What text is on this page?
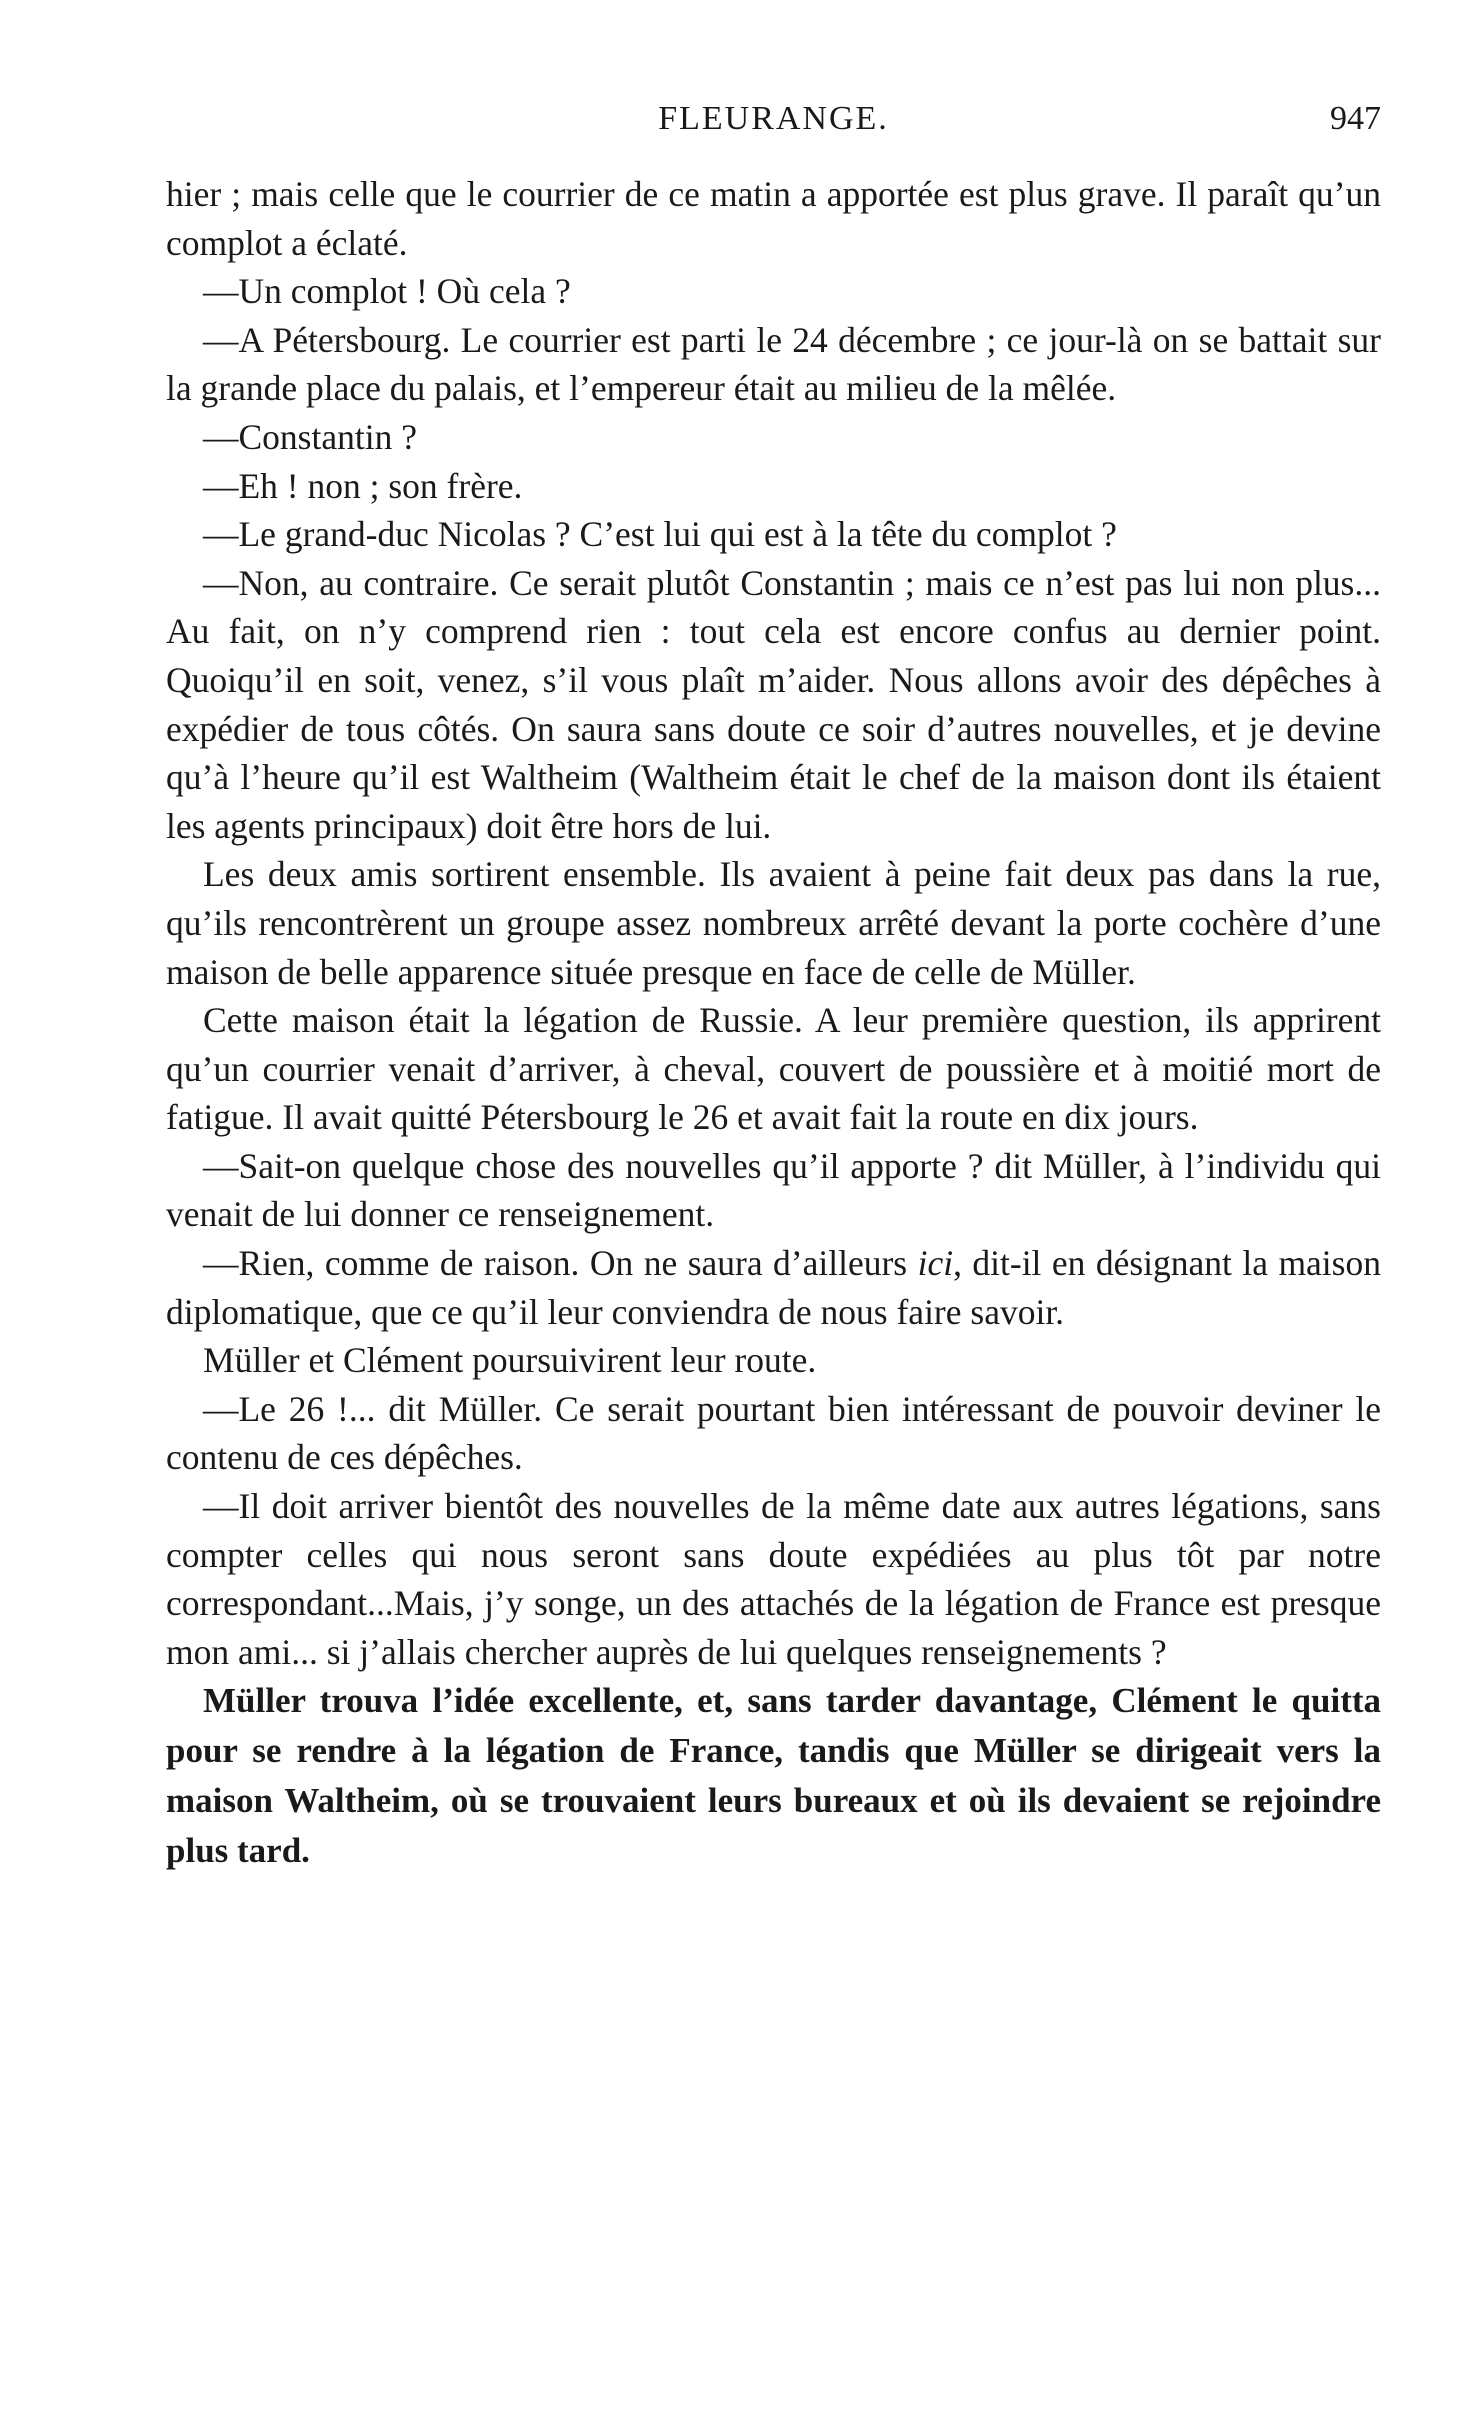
FLEURANGE.	947

hier ; mais celle que le courrier de ce matin a apportée est plus grave. Il paraît qu’un complot a éclaté.

—Un complot ! Où cela ?

—A Pétersbourg. Le courrier est parti le 24 décembre ; ce jour-là on se battait sur la grande place du palais, et l’empereur était au milieu de la mêlée.

—Constantin ?

—Eh ! non ; son frère.

—Le grand-duc Nicolas ? C’est lui qui est à la tête du complot ?

—Non, au contraire. Ce serait plutôt Constantin ; mais ce n’est pas lui non plus... Au fait, on n’y comprend rien : tout cela est encore confus au dernier point. Quoiqu’il en soit, venez, s’il vous plaît m’aider. Nous allons avoir des dépêches à expédier de tous côtés. On saura sans doute ce soir d’autres nouvelles, et je devine qu’à l’heure qu’il est Waltheim (Waltheim était le chef de la maison dont ils étaient les agents principaux) doit être hors de lui.

Les deux amis sortirent ensemble. Ils avaient à peine fait deux pas dans la rue, qu’ils rencontrèrent un groupe assez nombreux arrêté devant la porte cochère d’une maison de belle apparence située presque en face de celle de Müller.

Cette maison était la légation de Russie. A leur première question, ils apprirent qu’un courrier venait d’arriver, à cheval, couvert de poussière et à moitié mort de fatigue. Il avait quitté Pétersbourg le 26 et avait fait la route en dix jours.

—Sait-on quelque chose des nouvelles qu’il apporte ? dit Müller, à l’individu qui venait de lui donner ce renseignement.

—Rien, comme de raison. On ne saura d’ailleurs ici, dit-il en désignant la maison diplomatique, que ce qu’il leur conviendra de nous faire savoir.

Müller et Clément poursuivirent leur route.

—Le 26 !... dit Müller. Ce serait pourtant bien intéressant de pouvoir deviner le contenu de ces dépêches.

—Il doit arriver bientôt des nouvelles de la même date aux autres légations, sans compter celles qui nous seront sans doute expédiées au plus tôt par notre correspondant...Mais, j’y songe, un des attachés de la légation de France est presque mon ami... si j’allais chercher auprès de lui quelques renseignements ?

Müller trouva l’idée excellente, et, sans tarder davantage, Clément le quitta pour se rendre à la légation de France, tandis que Müller se dirigeait vers la maison Waltheim, où se trouvaient leurs bureaux et où ils devaient se rejoindre plus tard.
